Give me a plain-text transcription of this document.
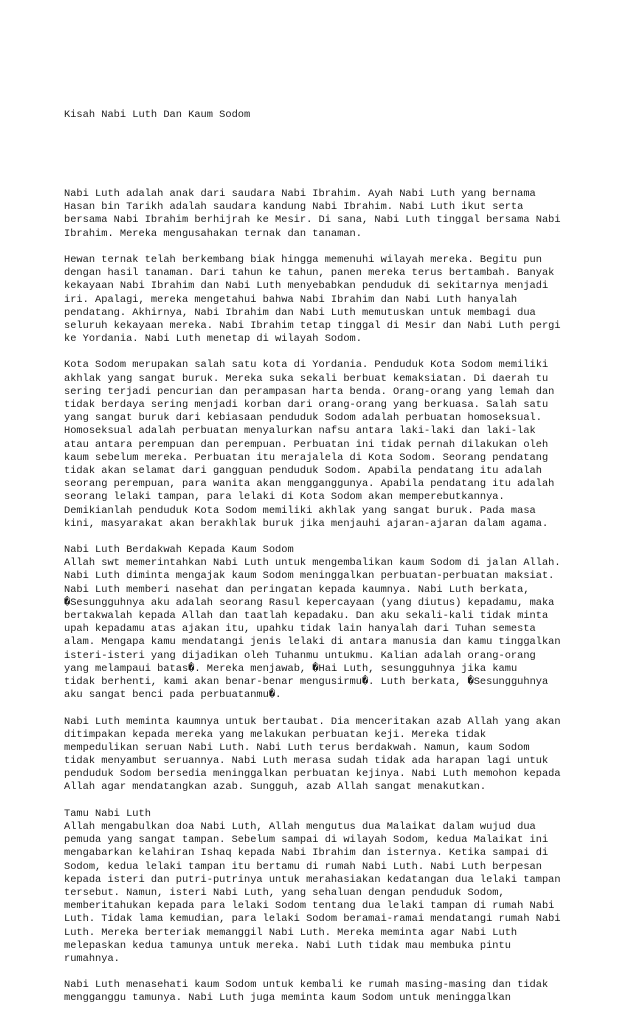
Kisah Nabi Luth Dan Kaum Sodom

Nabi Luth adalah anak dari saudara Nabi Ibrahim. Ayah Nabi Luth yang bernama
Hasan bin Tarikh adalah saudara kandung Nabi Ibrahim. Nabi Luth ikut serta
bersama Nabi Ibrahim berhijrah ke Mesir. Di sana, Nabi Luth tinggal bersama Nabi
Ibrahim. Mereka mengusahakan ternak dan tanaman.
Hewan ternak telah berkembang biak hingga memenuhi wilayah mereka. Begitu pun
dengan hasil tanaman. Dari tahun ke tahun, panen mereka terus bertambah. Banyak
kekayaan Nabi Ibrahim dan Nabi Luth menyebabkan penduduk di sekitarnya menjadi
iri. Apalagi, mereka mengetahui bahwa Nabi Ibrahim dan Nabi Luth hanyalah
pendatang. Akhirnya, Nabi Ibrahim dan Nabi Luth memutuskan untuk membagi dua
seluruh kekayaan mereka. Nabi Ibrahim tetap tinggal di Mesir dan Nabi Luth pergi
ke Yordania. Nabi Luth menetap di wilayah Sodom.
Kota Sodom merupakan salah satu kota di Yordania. Penduduk Kota Sodom memiliki
akhlak yang sangat buruk. Mereka suka sekali berbuat kemaksiatan. Di daerah tu
sering terjadi pencurian dan perampasan harta benda. Orang-orang yang lemah dan
tidak berdaya sering menjadi korban dari orang-orang yang berkuasa. Salah satu
yang sangat buruk dari kebiasaan penduduk Sodom adalah perbuatan homoseksual.
Homoseksual adalah perbuatan menyalurkan nafsu antara laki-laki dan laki-lak
atau antara perempuan dan perempuan. Perbuatan ini tidak pernah dilakukan oleh
kaum sebelum mereka. Perbuatan itu merajalela di Kota Sodom. Seorang pendatang
tidak akan selamat dari gangguan penduduk Sodom. Apabila pendatang itu adalah
seorang perempuan, para wanita akan mengganggunya. Apabila pendatang itu adalah
seorang lelaki tampan, para lelaki di Kota Sodom akan memperebutkannya.
Demikianlah penduduk Kota Sodom memiliki akhlak yang sangat buruk. Pada masa
kini, masyarakat akan berakhlak buruk jika menjauhi ajaran-ajaran dalam agama.
Nabi Luth Berdakwah Kepada Kaum Sodom
Allah swt memerintahkan Nabi Luth untuk mengembalikan kaum Sodom di jalan Allah.
Nabi Luth diminta mengajak kaum Sodom meninggalkan perbuatan-perbuatan maksiat.
Nabi Luth memberi nasehat dan peringatan kepada kaumnya. Nabi Luth berkata,
�Sesungguhnya aku adalah seorang Rasul kepercayaan (yang diutus) kepadamu, maka
bertakwalah kepada Allah dan taatlah kepadaku. Dan aku sekali-kali tidak minta
upah kepadamu atas ajakan itu, upahku tidak lain hanyalah dari Tuhan semesta
alam. Mengapa kamu mendatangi jenis lelaki di antara manusia dan kamu tinggalkan
isteri-isteri yang dijadikan oleh Tuhanmu untukmu. Kalian adalah orang-orang
yang melampaui batas�. Mereka menjawab, �Hai Luth, sesungguhnya jika kamu
tidak berhenti, kami akan benar-benar mengusirmu�. Luth berkata, �Sesungguhnya
aku sangat benci pada perbuatanmu�.
Nabi Luth meminta kaumnya untuk bertaubat. Dia menceritakan azab Allah yang akan
ditimpakan kepada mereka yang melakukan perbuatan keji. Mereka tidak
mempedulikan seruan Nabi Luth. Nabi Luth terus berdakwah. Namun, kaum Sodom
tidak menyambut seruannya. Nabi Luth merasa sudah tidak ada harapan lagi untuk
penduduk Sodom bersedia meninggalkan perbuatan kejinya. Nabi Luth memohon kepada
Allah agar mendatangkan azab. Sungguh, azab Allah sangat menakutkan.
Tamu Nabi Luth
Allah mengabulkan doa Nabi Luth, Allah mengutus dua Malaikat dalam wujud dua
pemuda yang sangat tampan. Sebelum sampai di wilayah Sodom, kedua Malaikat ini
mengabarkan kelahiran Ishaq kepada Nabi Ibrahim dan isternya. Ketika sampai di
Sodom, kedua lelaki tampan itu bertamu di rumah Nabi Luth. Nabi Luth berpesan
kepada isteri dan putri-putrinya untuk merahasiakan kedatangan dua lelaki tampan
tersebut. Namun, isteri Nabi Luth, yang sehaluan dengan penduduk Sodom,
memberitahukan kepada para lelaki Sodom tentang dua lelaki tampan di rumah Nabi
Luth. Tidak lama kemudian, para lelaki Sodom beramai-ramai mendatangi rumah Nabi
Luth. Mereka berteriak memanggil Nabi Luth. Mereka meminta agar Nabi Luth
melepaskan kedua tamunya untuk mereka. Nabi Luth tidak mau membuka pintu
rumahnya.
Nabi Luth menasehati kaum Sodom untuk kembali ke rumah masing-masing dan tidak
mengganggu tamunya. Nabi Luth juga meminta kaum Sodom untuk meninggalkan
